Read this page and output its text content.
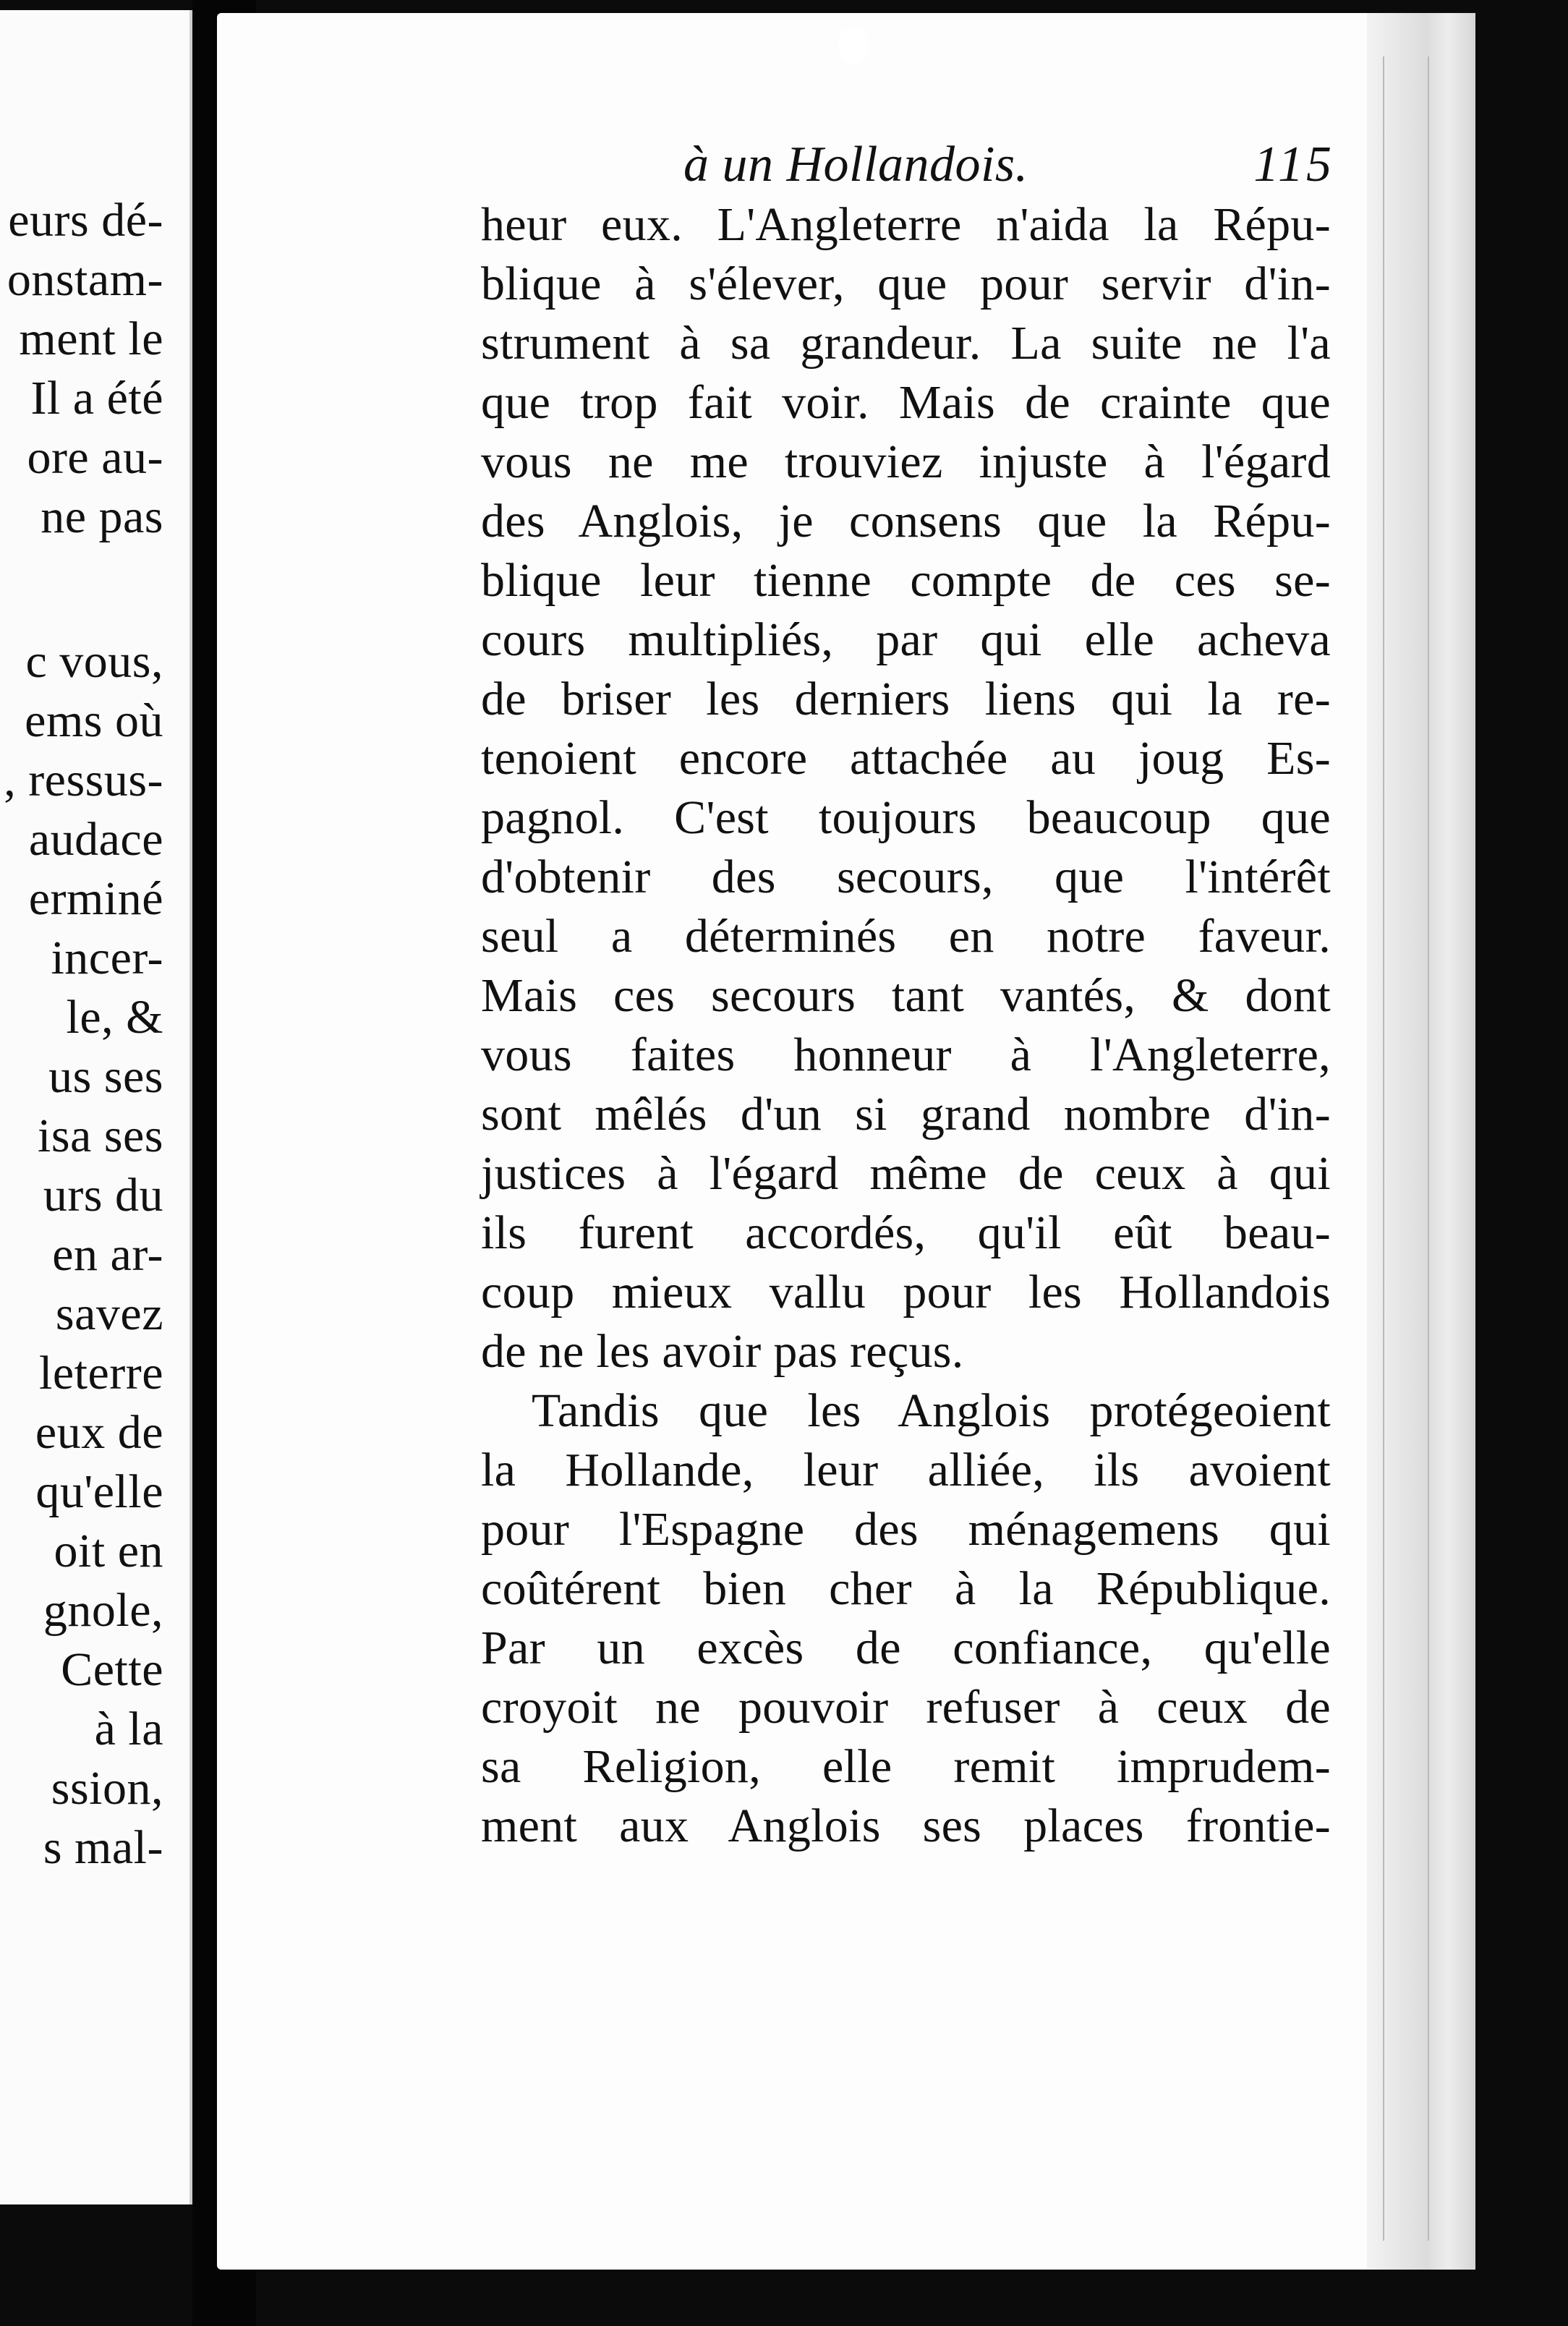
eurs dé-
onstam-
ment le
Il a été
ore au-
ne pas
c vous,
ems où
, ressus-
audace
erminé
incer-
le, &
us ses
isa ses
urs du
en ar-
savez
leterre
eux de
qu'elle
oit en
gnole,
Cette
à la
ssion,
s mal-
à un Hollandois.	115
heur eux. L'Angleterre n'aida la Répu-
blique à s'élever, que pour servir d'in-
strument à sa grandeur. La suite ne l'a
que trop fait voir. Mais de crainte que
vous ne me trouviez injuste à l'égard
des Anglois, je consens que la Répu-
blique leur tienne compte de ces se-
cours multipliés, par qui elle acheva
de briser les derniers liens qui la re-
tenoient encore attachée au joug Es-
pagnol. C'est toujours beaucoup que
d'obtenir des secours, que l'intérêt
seul a déterminés en notre faveur.
Mais ces secours tant vantés, & dont
vous faites honneur à l'Angleterre,
sont mêlés d'un si grand nombre d'in-
justices à l'égard même de ceux à qui
ils furent accordés, qu'il eût beau-
coup mieux vallu pour les Hollandois
de ne les avoir pas reçus.
Tandis que les Anglois protégeoient
la Hollande, leur alliée, ils avoient
pour l'Espagne des ménagemens qui
coûtérent bien cher à la République.
Par un excès de confiance, qu'elle
croyoit ne pouvoir refuser à ceux de
sa Religion, elle remit imprudem-
ment aux Anglois ses places frontie-
